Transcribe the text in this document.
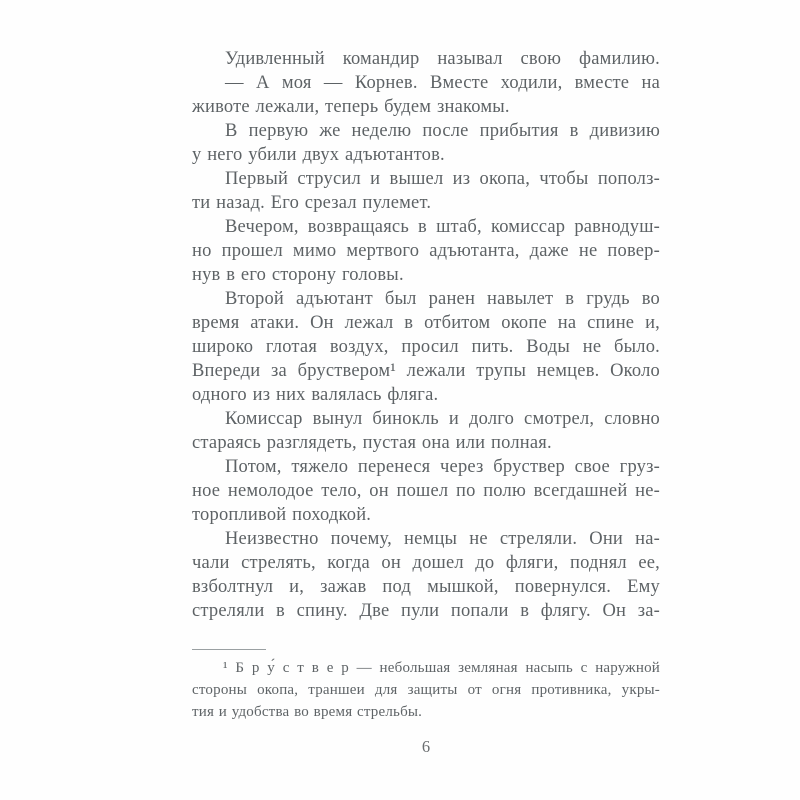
Удивленный командир называл свою фамилию.
— А моя — Корнев. Вместе ходили, вместе на
животе лежали, теперь будем знакомы.
В первую же неделю после прибытия в дивизию
у него убили двух адъютантов.
Первый струсил и вышел из окопа, чтобы пополз-
ти назад. Его срезал пулемет.
Вечером, возвращаясь в штаб, комиссар равнодуш-
но прошел мимо мертвого адъютанта, даже не повер-
нув в его сторону головы.
Второй адъютант был ранен навылет в грудь во
время атаки. Он лежал в отбитом окопе на спине и,
широко глотая воздух, просил пить. Воды не было.
Впереди за бруствером¹ лежали трупы немцев. Около
одного из них валялась фляга.
Комиссар вынул бинокль и долго смотрел, словно
стараясь разглядеть, пустая она или полная.
Потом, тяжело перенеся через бруствер свое груз-
ное немолодое тело, он пошел по полю всегдашней не-
торопливой походкой.
Неизвестно почему, немцы не стреляли. Они на-
чали стрелять, когда он дошел до фляги, поднял ее,
взболтнул и, зажав под мышкой, повернулся. Ему
стреляли в спину. Две пули попали в флягу. Он за-
¹ Б р у́ с т в е р — небольшая земляная насыпь с наружной
стороны окопа, траншеи для защиты от огня противника, укры-
тия и удобства во время стрельбы.
6
